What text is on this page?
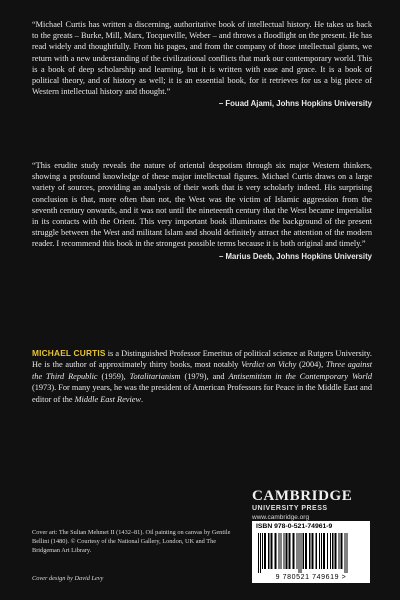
“Michael Curtis has written a discerning, authoritative book of intellectual history. He takes us back to the greats – Burke, Mill, Marx, Tocqueville, Weber – and throws a floodlight on the present. He has read widely and thoughtfully. From his pages, and from the company of those intellectual giants, we return with a new understanding of the civilizational conflicts that mark our contemporary world. This is a book of deep scholarship and learning, but it is written with ease and grace. It is a book of political theory, and of history as well; it is an essential book, for it retrieves for us a big piece of Western intellectual history and thought.”
– Fouad Ajami, Johns Hopkins University
“This erudite study reveals the nature of oriental despotism through six major Western thinkers, showing a profound knowledge of these major intellectual figures. Michael Curtis draws on a large variety of sources, providing an analysis of their work that is very scholarly indeed. His surprising conclusion is that, more often than not, the West was the victim of Islamic aggression from the seventh century onwards, and it was not until the nineteenth century that the West became imperialist in its contacts with the Orient. This very important book illuminates the background of the present struggle between the West and militant Islam and should definitely attract the attention of the modern reader. I recommend this book in the strongest possible terms because it is both original and timely.”
– Marius Deeb, Johns Hopkins University
MICHAEL CURTIS is a Distinguished Professor Emeritus of political science at Rutgers University. He is the author of approximately thirty books, most notably Verdict on Vichy (2004), Three against the Third Republic (1959), Totalitarianism (1979), and Antisemitism in the Contemporary World (1973). For many years, he was the president of American Professors for Peace in the Middle East and editor of the Middle East Review.
CAMBRIDGE
UNIVERSITY PRESS
www.cambridge.org
ISBN 978-0-521-74961-9
9 780521 749619 >
Cover art: The Sultan Mehmet II (1432–81). Oil painting on canvas by Gentile Bellini (1480). © Courtesy of the National Gallery, London, UK and The Bridgeman Art Library.
Cover design by David Levy
